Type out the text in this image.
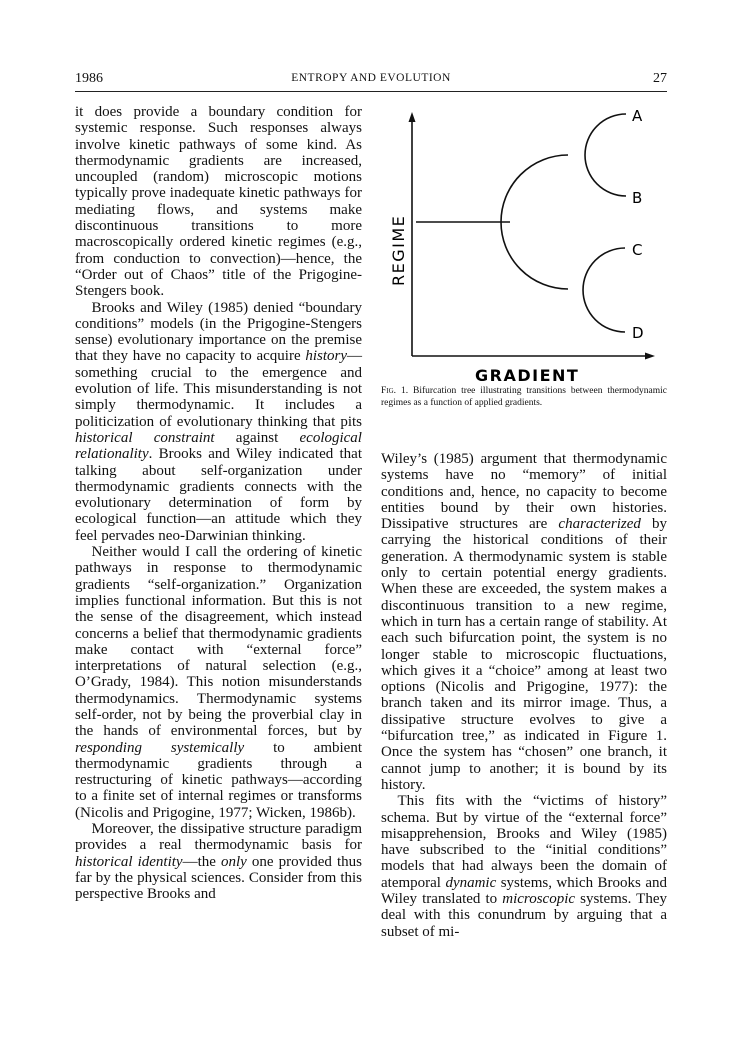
1986	ENTROPY AND EVOLUTION	27

it does provide a boundary condition for systemic response. Such responses always involve kinetic pathways of some kind. As thermodynamic gradients are increased, uncoupled (random) microscopic motions typically prove inadequate kinetic pathways for mediating flows, and systems make discontinuous transitions to more macroscopically ordered kinetic regimes (e.g., from conduction to convection)—hence, the “Order out of Chaos” title of the Prigogine-Stengers book.

Brooks and Wiley (1985) denied “boundary conditions” models (in the Prigogine-Stengers sense) evolutionary importance on the premise that they have no capacity to acquire history—something crucial to the emergence and evolution of life. This misunderstanding is not simply thermodynamic. It includes a politicization of evolutionary thinking that pits historical constraint against ecological relationality. Brooks and Wiley indicated that talking about self-organization under thermodynamic gradients connects with the evolutionary determination of form by ecological function—an attitude which they feel pervades neo-Darwinian thinking.

Neither would I call the ordering of kinetic pathways in response to thermodynamic gradients “self-organization.” Organization implies functional information. But this is not the sense of the disagreement, which instead concerns a belief that thermodynamic gradients make contact with “external force” interpretations of natural selection (e.g., O’Grady, 1984). This notion misunderstands thermodynamics. Thermodynamic systems self-order, not by being the proverbial clay in the hands of environmental forces, but by responding systemically to ambient thermodynamic gradients through a restructuring of kinetic pathways—according to a finite set of internal regimes or transforms (Nicolis and Prigogine, 1977; Wicken, 1986b).

Moreover, the dissipative structure paradigm provides a real thermodynamic basis for historical identity—the only one provided thus far by the physical sciences. Consider from this perspective Brooks and

A
B
C
D
REGIME
GRADIENT
Fig. 1. Bifurcation tree illustrating transitions between thermodynamic regimes as a function of applied gradients.

Wiley’s (1985) argument that thermodynamic systems have no “memory” of initial conditions and, hence, no capacity to become entities bound by their own histories. Dissipative structures are characterized by carrying the historical conditions of their generation. A thermodynamic system is stable only to certain potential energy gradients. When these are exceeded, the system makes a discontinuous transition to a new regime, which in turn has a certain range of stability. At each such bifurcation point, the system is no longer stable to microscopic fluctuations, which gives it a “choice” among at least two options (Nicolis and Prigogine, 1977): the branch taken and its mirror image. Thus, a dissipative structure evolves to give a “bifurcation tree,” as indicated in Figure 1. Once the system has “chosen” one branch, it cannot jump to another; it is bound by its history.

This fits with the “victims of history” schema. But by virtue of the “external force” misapprehension, Brooks and Wiley (1985) have subscribed to the “initial conditions” models that had always been the domain of atemporal dynamic systems, which Brooks and Wiley translated to microscopic systems. They deal with this conundrum by arguing that a subset of mi-
